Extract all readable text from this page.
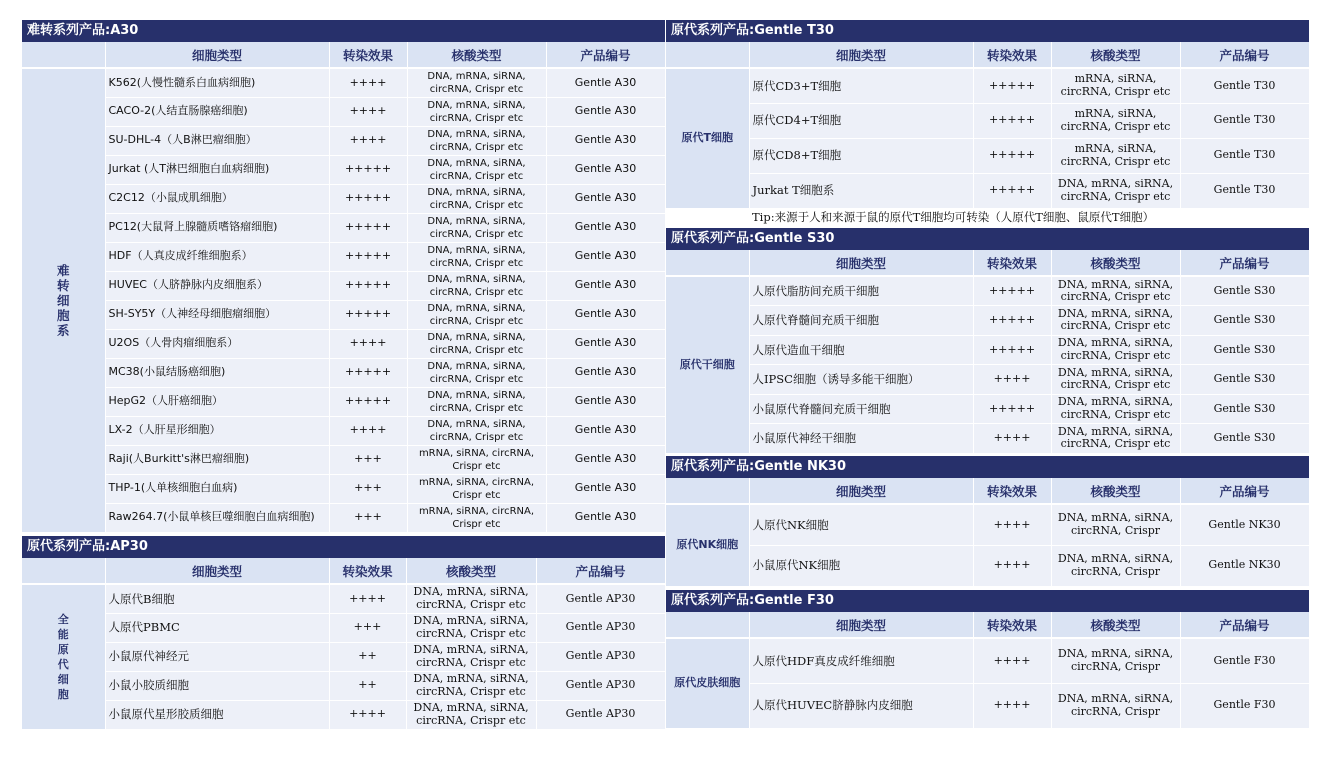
难转系列产品:A30
	细胞类型	转染效果	核酸类型	产品编号
难转细胞系	K562(人慢性髓系白血病细胞)	++++	DNA, mRNA, siRNA, circRNA, Crispr etc	Gentle A30
	CACO-2(人结直肠腺癌细胞)	++++	DNA, mRNA, siRNA, circRNA, Crispr etc	Gentle A30
	SU-DHL-4（人B淋巴瘤细胞）	++++	DNA, mRNA, siRNA, circRNA, Crispr etc	Gentle A30
	Jurkat (人T淋巴细胞白血病细胞)	+++++	DNA, mRNA, siRNA, circRNA, Crispr etc	Gentle A30
	C2C12（小鼠成肌细胞）	+++++	DNA, mRNA, siRNA, circRNA, Crispr etc	Gentle A30
	PC12(大鼠肾上腺髓质嗜铬瘤细胞)	+++++	DNA, mRNA, siRNA, circRNA, Crispr etc	Gentle A30
	HDF（人真皮成纤维细胞系）	+++++	DNA, mRNA, siRNA, circRNA, Crispr etc	Gentle A30
	HUVEC（人脐静脉内皮细胞系）	+++++	DNA, mRNA, siRNA, circRNA, Crispr etc	Gentle A30
	SH-SY5Y（人神经母细胞瘤细胞）	+++++	DNA, mRNA, siRNA, circRNA, Crispr etc	Gentle A30
	U2OS（人骨肉瘤细胞系）	++++	DNA, mRNA, siRNA, circRNA, Crispr etc	Gentle A30
	MC38(小鼠结肠癌细胞)	+++++	DNA, mRNA, siRNA, circRNA, Crispr etc	Gentle A30
	HepG2（人肝癌细胞）	+++++	DNA, mRNA, siRNA, circRNA, Crispr etc	Gentle A30
	LX-2（人肝星形细胞）	++++	DNA, mRNA, siRNA, circRNA, Crispr etc	Gentle A30
	Raji(人Burkitt's淋巴瘤细胞)	+++	mRNA, siRNA, circRNA, Crispr etc	Gentle A30
	THP-1(人单核细胞白血病)	+++	mRNA, siRNA, circRNA, Crispr etc	Gentle A30
	Raw264.7(小鼠单核巨噬细胞白血病细胞)	+++	mRNA, siRNA, circRNA, Crispr etc	Gentle A30
原代系列产品:AP30
	细胞类型	转染效果	核酸类型	产品编号
全能原代细胞	人原代B细胞	++++	DNA, mRNA, siRNA, circRNA, Crispr etc	Gentle AP30
	人原代PBMC	+++	DNA, mRNA, siRNA, circRNA, Crispr etc	Gentle AP30
	小鼠原代神经元	++	DNA, mRNA, siRNA, circRNA, Crispr etc	Gentle AP30
	小鼠小胶质细胞	++	DNA, mRNA, siRNA, circRNA, Crispr etc	Gentle AP30
	小鼠原代星形胶质细胞	++++	DNA, mRNA, siRNA, circRNA, Crispr etc	Gentle AP30
原代系列产品:Gentle T30
	细胞类型	转染效果	核酸类型	产品编号
原代T细胞	原代CD3+T细胞	+++++	mRNA, siRNA, circRNA, Crispr etc	Gentle T30
	原代CD4+T细胞	+++++	mRNA, siRNA, circRNA, Crispr etc	Gentle T30
	原代CD8+T细胞	+++++	mRNA, siRNA, circRNA, Crispr etc	Gentle T30
	Jurkat T细胞系	+++++	DNA, mRNA, siRNA, circRNA, Crispr etc	Gentle T30
Tip:来源于人和来源于鼠的原代T细胞均可转染（人原代T细胞、鼠原代T细胞）				
原代系列产品:Gentle S30
	细胞类型	转染效果	核酸类型	产品编号
原代干细胞	人原代脂肪间充质干细胞	+++++	DNA, mRNA, siRNA, circRNA, Crispr etc	Gentle S30
	人原代脊髓间充质干细胞	+++++	DNA, mRNA, siRNA, circRNA, Crispr etc	Gentle S30
	人原代造血干细胞	+++++	DNA, mRNA, siRNA, circRNA, Crispr etc	Gentle S30
	人IPSC细胞（诱导多能干细胞）	++++	DNA, mRNA, siRNA, circRNA, Crispr etc	Gentle S30
	小鼠原代脊髓间充质干细胞	+++++	DNA, mRNA, siRNA, circRNA, Crispr etc	Gentle S30
	小鼠原代神经干细胞	++++	DNA, mRNA, siRNA, circRNA, Crispr etc	Gentle S30
原代系列产品:Gentle NK30
	细胞类型	转染效果	核酸类型	产品编号
原代NK细胞	人原代NK细胞	++++	DNA, mRNA, siRNA, circRNA, Crispr	Gentle NK30
	小鼠原代NK细胞	++++	DNA, mRNA, siRNA, circRNA, Crispr	Gentle NK30
原代系列产品:Gentle F30
	细胞类型	转染效果	核酸类型	产品编号
原代皮肤细胞	人原代HDF真皮成纤维细胞	++++	DNA, mRNA, siRNA, circRNA, Crispr	Gentle F30
	人原代HUVEC脐静脉内皮细胞	++++	DNA, mRNA, siRNA, circRNA, Crispr	Gentle F30
